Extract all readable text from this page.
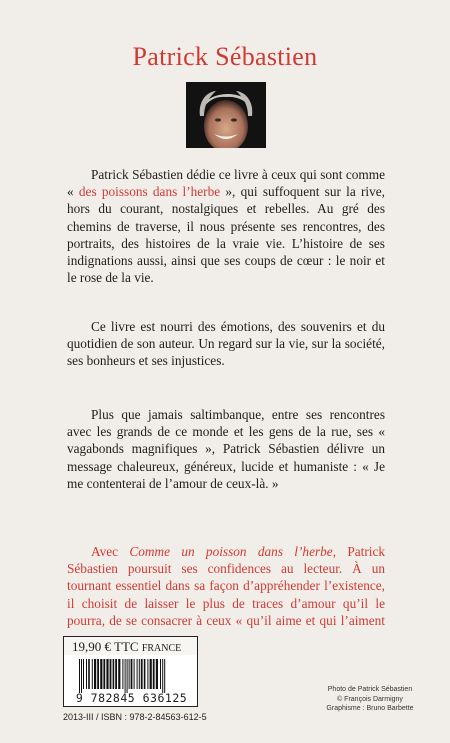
Patrick Sébastien

Patrick Sébastien dédie ce livre à ceux qui sont comme « des poissons dans l’herbe », qui suffoquent sur la rive, hors du courant, nostalgiques et rebelles. Au gré des chemins de traverse, il nous présente ses rencontres, des portraits, des histoires de la vraie vie. L’histoire de ses indignations aussi, ainsi que ses coups de cœur : le noir et le rose de la vie.

Ce livre est nourri des émotions, des souvenirs et du quotidien de son auteur. Un regard sur la vie, sur la société, ses bonheurs et ses injustices.

Plus que jamais saltimbanque, entre ses rencontres avec les grands de ce monde et les gens de la rue, ses « vagabonds magnifiques », Patrick Sébastien délivre un message chaleureux, généreux, lucide et humaniste : « Je me contenterai de l’amour de ceux-là. »

Avec Comme un poisson dans l’herbe, Patrick Sébastien poursuit ses confidences au lecteur. À un tournant essentiel dans sa façon d’appréhender l’existence, il choisit de laisser le plus de traces d’amour qu’il le pourra, de se consacrer à ceux « qu’il aime et qui l’aiment

19,90 € TTC FRANCE
9 782845 636125
2013-III / ISBN : 978-2-84563-612-5
Photo de Patrick Sébastien
© François Darmigny
Graphisme : Bruno Barbette
